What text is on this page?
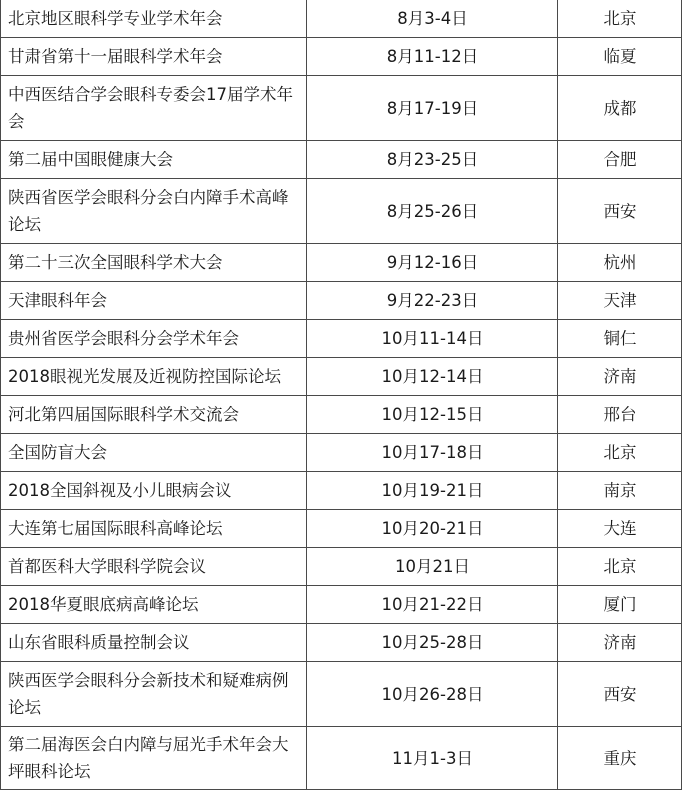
北京地区眼科学专业学术年会	8月3-4日	北京
甘肃省第十一届眼科学术年会	8月11-12日	临夏
中西医结合学会眼科专委会17届学术年会	8月17-19日	成都
第二届中国眼健康大会	8月23-25日	合肥
陕西省医学会眼科分会白内障手术高峰论坛	8月25-26日	西安
第二十三次全国眼科学术大会	9月12-16日	杭州
天津眼科年会	9月22-23日	天津
贵州省医学会眼科分会学术年会	10月11-14日	铜仁
2018眼视光发展及近视防控国际论坛	10月12-14日	济南
河北第四届国际眼科学术交流会	10月12-15日	邢台
全国防盲大会	10月17-18日	北京
2018全国斜视及小儿眼病会议	10月19-21日	南京
大连第七届国际眼科高峰论坛	10月20-21日	大连
首都医科大学眼科学院会议	10月21日	北京
2018华夏眼底病高峰论坛	10月21-22日	厦门
山东省眼科质量控制会议	10月25-28日	济南
陕西医学会眼科分会新技术和疑难病例论坛	10月26-28日	西安
第二届海医会白内障与屈光手术年会大坪眼科论坛	11月1-3日	重庆
